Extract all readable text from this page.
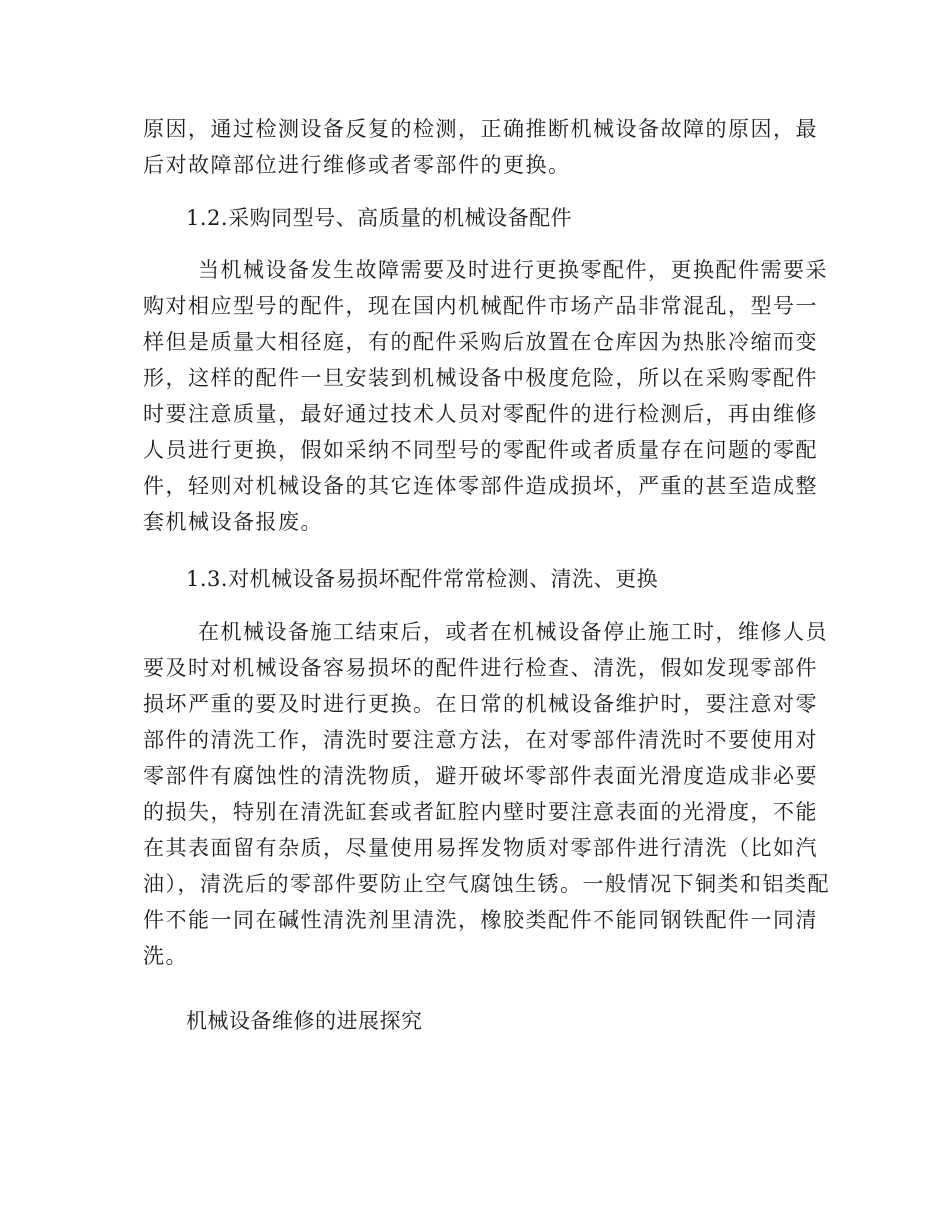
原因，通过检测设备反复的检测，正确推断机械设备故障的原因，最
后对故障部位进行维修或者零部件的更换。
1.2.采购同型号、高质量的机械设备配件
当机械设备发生故障需要及时进行更换零配件，更换配件需要采
购对相应型号的配件，现在国内机械配件市场产品非常混乱，型号一
样但是质量大相径庭，有的配件采购后放置在仓库因为热胀冷缩而变
形，这样的配件一旦安装到机械设备中极度危险，所以在采购零配件
时要注意质量，最好通过技术人员对零配件的进行检测后，再由维修
人员进行更换，假如采纳不同型号的零配件或者质量存在问题的零配
件，轻则对机械设备的其它连体零部件造成损坏，严重的甚至造成整
套机械设备报废。
1.3.对机械设备易损坏配件常常检测、清洗、更换
在机械设备施工结束后，或者在机械设备停止施工时，维修人员
要及时对机械设备容易损坏的配件进行检查、清洗，假如发现零部件
损坏严重的要及时进行更换。在日常的机械设备维护时，要注意对零
部件的清洗工作，清洗时要注意方法，在对零部件清洗时不要使用对
零部件有腐蚀性的清洗物质，避开破坏零部件表面光滑度造成非必要
的损失，特别在清洗缸套或者缸腔内壁时要注意表面的光滑度，不能
在其表面留有杂质，尽量使用易挥发物质对零部件进行清洗（比如汽
油），清洗后的零部件要防止空气腐蚀生锈。一般情况下铜类和铝类配
件不能一同在碱性清洗剂里清洗，橡胶类配件不能同钢铁配件一同清
洗。
机械设备维修的进展探究
